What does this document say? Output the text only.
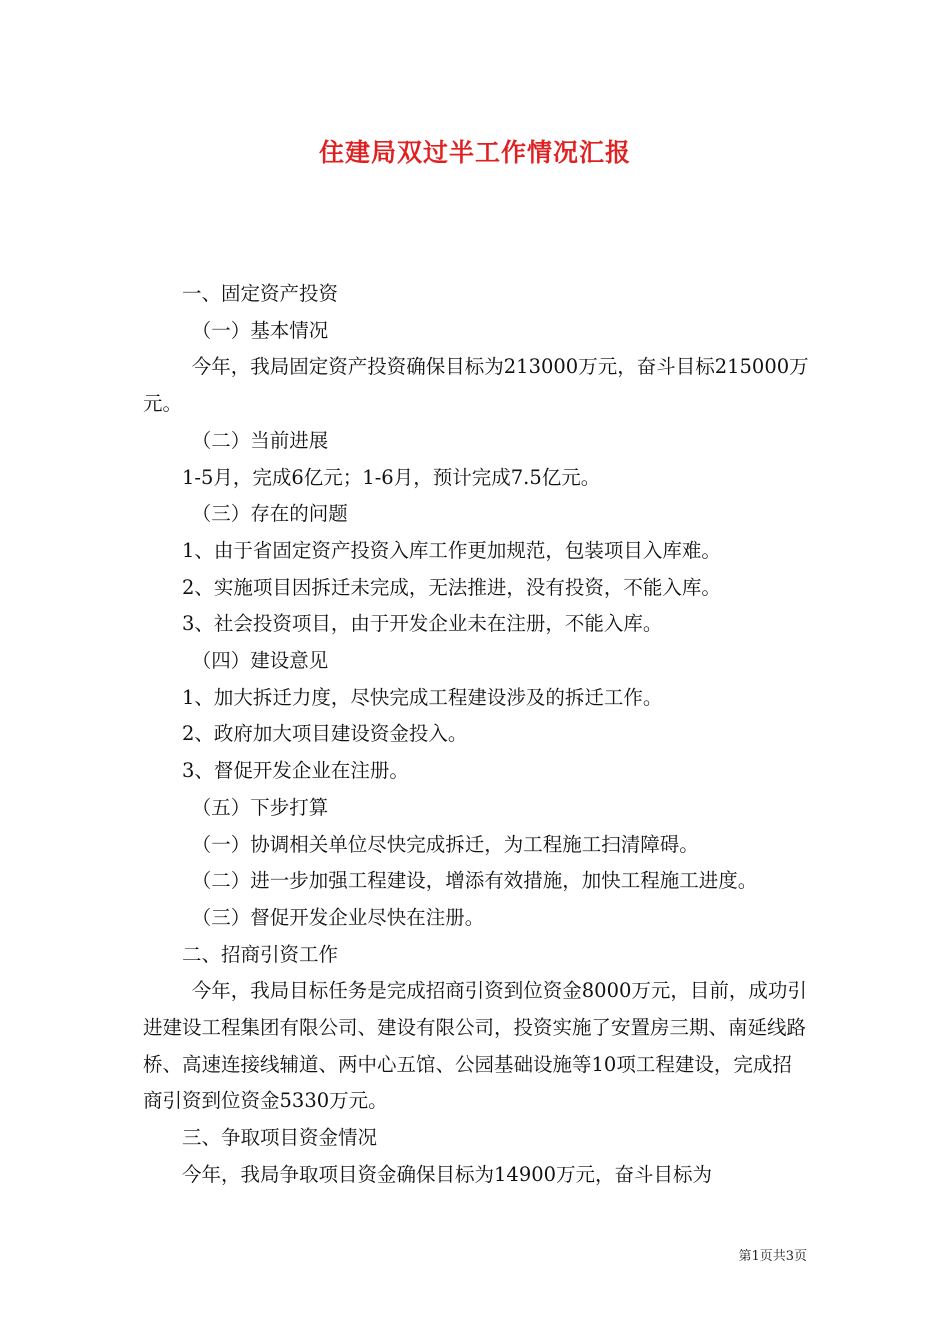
住建局双过半工作情况汇报

一、固定资产投资

（一）基本情况

今年，我局固定资产投资确保目标为213000万元，奋斗目标215000万元。

（二）当前进展

1-5月，完成6亿元；1-6月，预计完成7.5亿元。

（三）存在的问题

1、由于省固定资产投资入库工作更加规范，包装项目入库难。

2、实施项目因拆迁未完成，无法推进，没有投资，不能入库。

3、社会投资项目，由于开发企业未在注册，不能入库。

（四）建设意见

1、加大拆迁力度，尽快完成工程建设涉及的拆迁工作。

2、政府加大项目建设资金投入。

3、督促开发企业在注册。

（五）下步打算

（一）协调相关单位尽快完成拆迁，为工程施工扫清障碍。

（二）进一步加强工程建设，增添有效措施，加快工程施工进度。

（三）督促开发企业尽快在注册。

二、招商引资工作

今年，我局目标任务是完成招商引资到位资金8000万元，目前，成功引进建设工程集团有限公司、建设有限公司，投资实施了安置房三期、南延线路桥、高速连接线辅道、两中心五馆、公园基础设施等10项工程建设，完成招商引资到位资金5330万元。

三、争取项目资金情况

今年，我局争取项目资金确保目标为14900万元，奋斗目标为

第1页共3页
